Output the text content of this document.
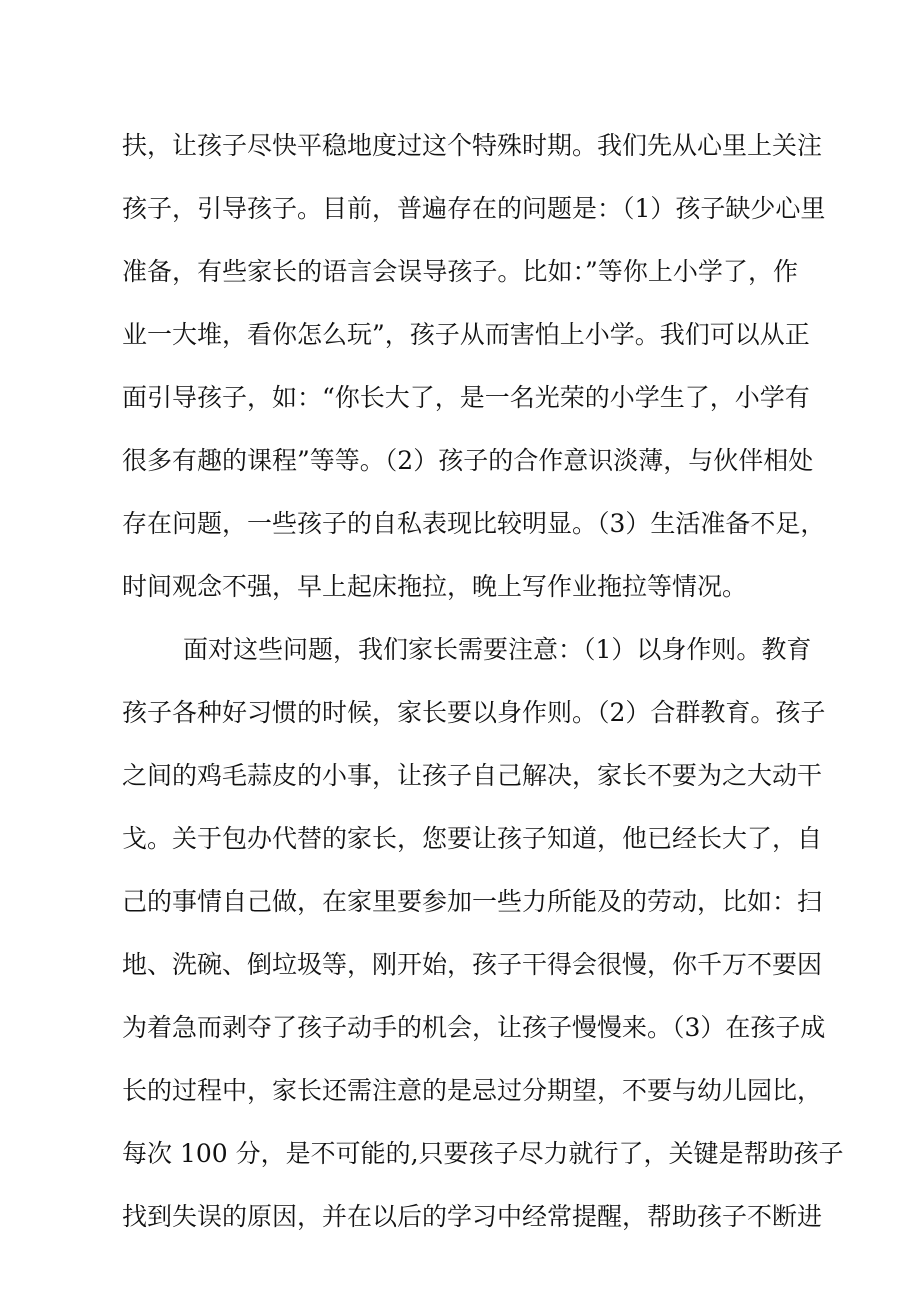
扶，让孩子尽快平稳地度过这个特殊时期。我们先从心里上关注
孩子，引导孩子。目前，普遍存在的问题是：（1）孩子缺少心里
准备，有些家长的语言会误导孩子。比如：”等你上小学了，作
业一大堆，看你怎么玩”，孩子从而害怕上小学。我们可以从正
面引导孩子，如：“你长大了，是一名光荣的小学生了，小学有
很多有趣的课程”等等。（2）孩子的合作意识淡薄，与伙伴相处
存在问题，一些孩子的自私表现比较明显。（3）生活准备不足，
时间观念不强，早上起床拖拉，晚上写作业拖拉等情况。
面对这些问题，我们家长需要注意：（1）以身作则。教育
孩子各种好习惯的时候，家长要以身作则。（2）合群教育。孩子
之间的鸡毛蒜皮的小事，让孩子自己解决，家长不要为之大动干
戈。关于包办代替的家长，您要让孩子知道，他已经长大了，自
己的事情自己做，在家里要参加一些力所能及的劳动，比如：扫
地、洗碗、倒垃圾等，刚开始，孩子干得会很慢，你千万不要因
为着急而剥夺了孩子动手的机会，让孩子慢慢来。（3）在孩子成
长的过程中，家长还需注意的是忌过分期望，不要与幼儿园比，
每次 100 分，是不可能的,只要孩子尽力就行了，关键是帮助孩子
找到失误的原因，并在以后的学习中经常提醒，帮助孩子不断进
